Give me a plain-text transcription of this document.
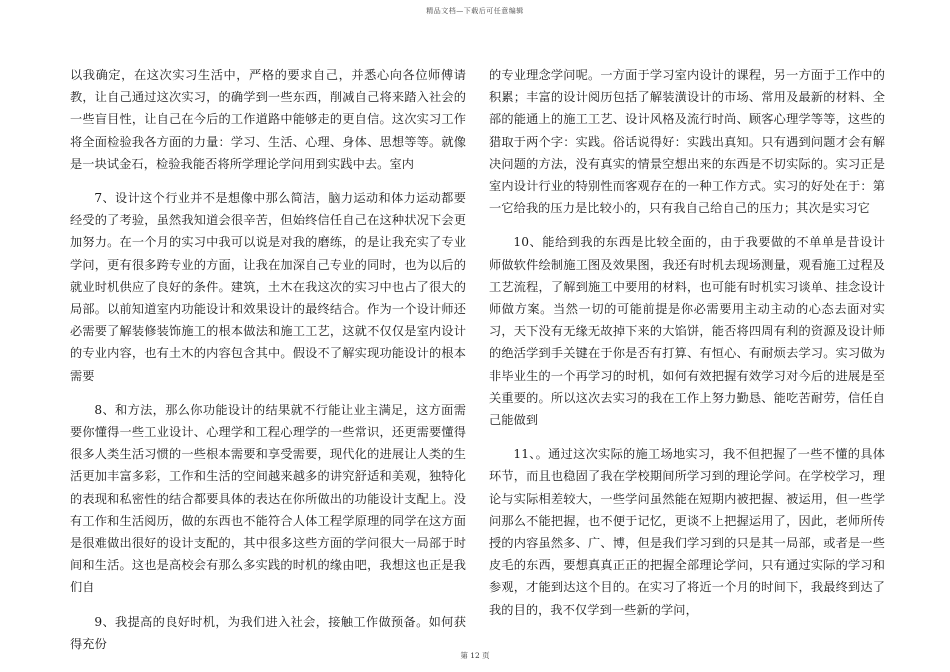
精品文档—下载后可任意编辑

以我确定，在这次实习生活中，严格的要求自己，并悉心向各位师傅请教，让自己通过这次实习，的确学到一些东西，削减自己将来踏入社会的一些盲目性，让自己在今后的工作道路中能够走的更自信。这次实习工作将全面检验我各方面的力量：学习、生活、心理、身体、思想等等。就像是一块试金石，检验我能否将所学理论学问用到实践中去。室内

7、设计这个行业并不是想像中那么简洁，脑力运动和体力运动都要经受的了考验，虽然我知道会很辛苦，但始终信任自己在这种状况下会更加努力。在一个月的实习中我可以说是对我的磨练，的是让我充实了专业学问，更有很多跨专业的方面，让我在加深自己专业的同时，也为以后的就业时机供应了良好的条件。建筑，土木在我这次的实习中也占了很大的局部。以前知道室内功能设计和效果设计的最终结合。作为一个设计师还必需要了解装修装饰施工的根本做法和施工工艺，这就不仅仅是室内设计的专业内容，也有土木的内容包含其中。假设不了解实现功能设计的根本需要

8、和方法，那么你功能设计的结果就不行能让业主满足，这方面需要你懂得一些工业设计、心理学和工程心理学的一些常识，还更需要懂得很多人类生活习惯的一些根本需要和享受需要，现代化的进展让人类的生活更加丰富多彩，工作和生活的空间越来越多的讲究舒适和美观，独特化的表现和私密性的结合都要具体的表达在你所做出的功能设计支配上。没有工作和生活阅历，做的东西也不能符合人体工程学原理的同学在这方面是很难做出很好的设计支配的，其中很多这些方面的学问很大一局部于时间和生活。这也是高校会有那么多实践的时机的缘由吧，我想这也正是我们自

9、我提高的良好时机，为我们进入社会，接触工作做预备。如何获得充份

的专业理念学问呢。一方面于学习室内设计的课程，另一方面于工作中的积累；丰富的设计阅历包括了解装潢设计的市场、常用及最新的材料、全部的能通上的施工工艺、设计风格及流行时尚、顾客心理学等等，这些的猎取于两个字：实践。俗话说得好：实践出真知。只有遇到问题才会有解决问题的方法，没有真实的情景空想出来的东西是不切实际的。实习正是室内设计行业的特别性而客观存在的一种工作方式。实习的好处在于：第一它给我的压力是比较小的，只有我自己给自己的压力；其次是实习它

10、能给到我的东西是比较全面的，由于我要做的不单单是昔设计师做软件绘制施工图及效果图，我还有时机去现场测量，观看施工过程及工艺流程，了解到施工中要用的材料，也可能有时机实习谈单、挂念设计师做方案。当然一切的可能前提是你必需要用主动主动的心态去面对实习，天下没有无缘无故掉下来的大馅饼，能否将四周有利的资源及设计师的绝活学到手关键在于你是否有打算、有恒心、有耐烦去学习。实习做为非毕业生的一个再学习的时机，如何有效把握有效学习对今后的进展是至关重要的。所以这次去实习的我在工作上努力勤恳、能吃苦耐劳，信任自己能做到

11、。通过这次实际的施工场地实习，我不但把握了一些不懂的具体环节，而且也稳固了我在学校期间所学习到的理论学问。在学校学习，理论与实际相差较大，一些学问虽然能在短期内被把握、被运用，但一些学问那么不能把握，也不便于记忆，更谈不上把握运用了，因此，老师所传授的内容虽然多、广、博，但是我们学习到的只是其一局部，或者是一些皮毛的东西，要想真真正正的把握全部理论学问，只有通过实际的学习和参观，才能到达这个目的。在实习了将近一个月的时间下，我最终到达了我的目的，我不仅学到一些新的学问，

第 12 页
